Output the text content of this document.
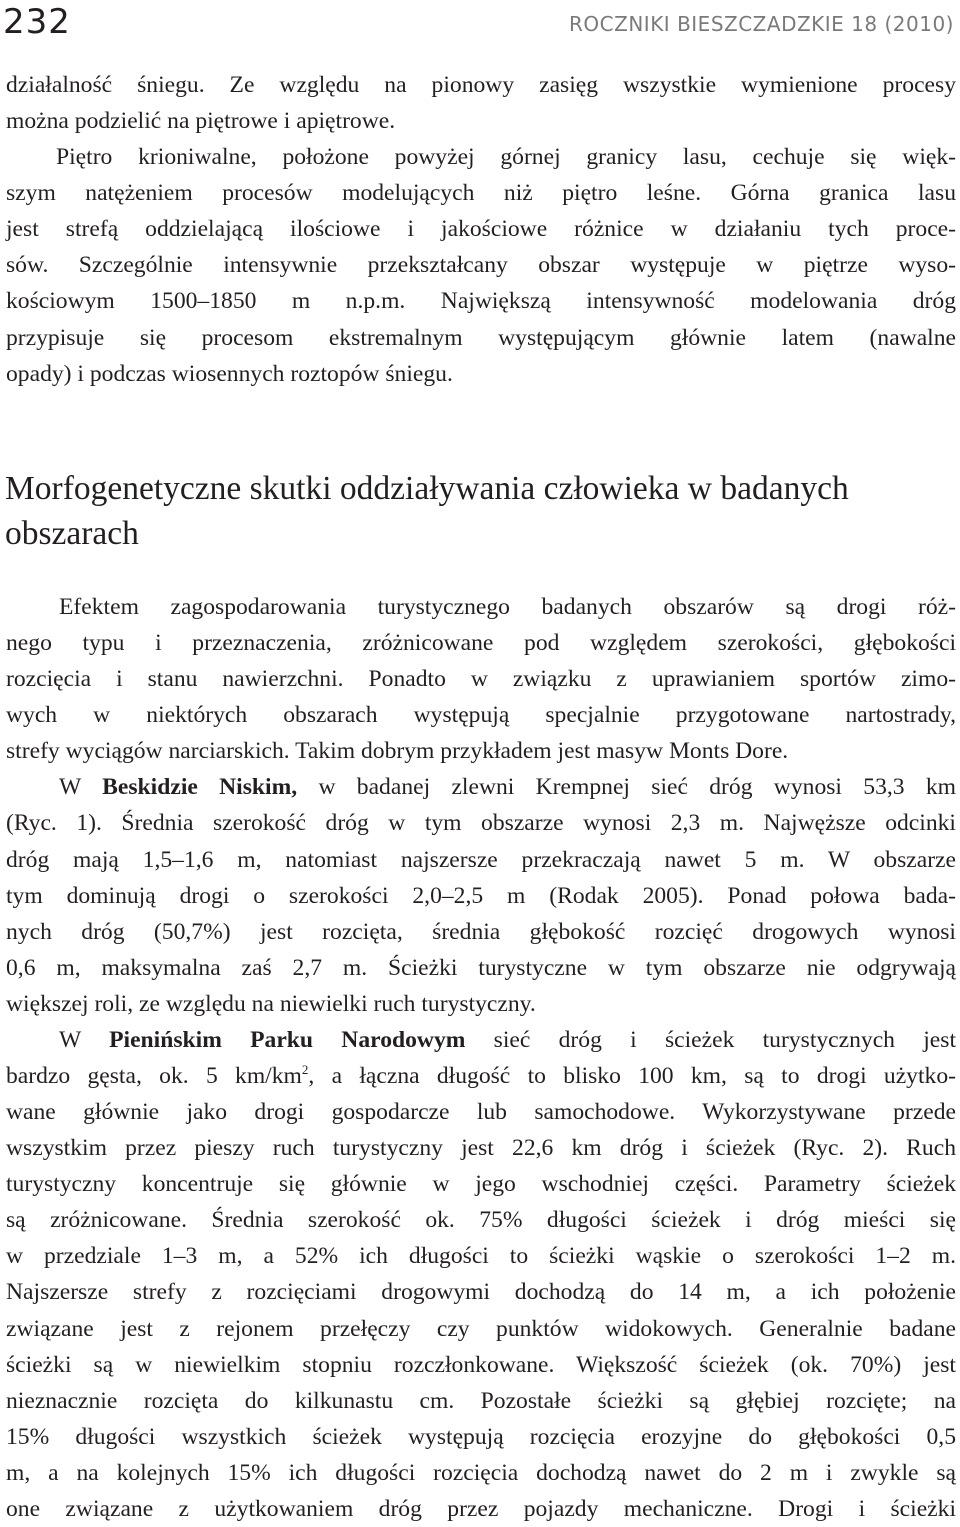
232	ROCZNIKI BIESZCZADZKIE 18 (2010)
działalność śniegu. Ze względu na pionowy zasięg wszystkie wymienione procesy
można podzielić na piętrowe i apiętrowe.
Piętro krioniwalne, położone powyżej górnej granicy lasu, cechuje się więk-
szym natężeniem procesów modelujących niż piętro leśne. Górna granica lasu
jest strefą oddzielającą ilościowe i jakościowe różnice w działaniu tych proce-
sów. Szczególnie intensywnie przekształcany obszar występuje w piętrze wyso-
kościowym 1500–1850 m n.p.m. Największą intensywność modelowania dróg
przypisuje się procesom ekstremalnym występującym głównie latem (nawalne
opady) i podczas wiosennych roztopów śniegu.
Morfogenetyczne skutki oddziaływania człowieka w badanych
obszarach
Efektem zagospodarowania turystycznego badanych obszarów są drogi róż-
nego typu i przeznaczenia, zróżnicowane pod względem szerokości, głębokości
rozcięcia i stanu nawierzchni. Ponadto w związku z uprawianiem sportów zimo-
wych w niektórych obszarach występują specjalnie przygotowane nartostrady,
strefy wyciągów narciarskich. Takim dobrym przykładem jest masyw Monts Dore.
W Beskidzie Niskim, w badanej zlewni Krempnej sieć dróg wynosi 53,3 km
(Ryc. 1). Średnia szerokość dróg w tym obszarze wynosi 2,3 m. Najwęższe odcinki
dróg mają 1,5–1,6 m, natomiast najszersze przekraczają nawet 5 m. W obszarze
tym dominują drogi o szerokości 2,0–2,5 m (Rodak 2005). Ponad połowa bada-
nych dróg (50,7%) jest rozcięta, średnia głębokość rozcięć drogowych wynosi
0,6 m, maksymalna zaś 2,7 m. Ścieżki turystyczne w tym obszarze nie odgrywają
większej roli, ze względu na niewielki ruch turystyczny.
W Pienińskim Parku Narodowym sieć dróg i ścieżek turystycznych jest
bardzo gęsta, ok. 5 $km/km^2$, a łączna długość to blisko 100 km, są to drogi użytko-
wane głównie jako drogi gospodarcze lub samochodowe. Wykorzystywane przede
wszystkim przez pieszy ruch turystyczny jest 22,6 km dróg i ścieżek (Ryc. 2). Ruch
turystyczny koncentruje się głównie w jego wschodniej części. Parametry ścieżek
są zróżnicowane. Średnia szerokość ok. 75% długości ścieżek i dróg mieści się
w przedziale 1–3 m, a 52% ich długości to ścieżki wąskie o szerokości 1–2 m.
Najszersze strefy z rozcięciami drogowymi dochodzą do 14 m, a ich położenie
związane jest z rejonem przełęczy czy punktów widokowych. Generalnie badane
ścieżki są w niewielkim stopniu rozczłonkowane. Większość ścieżek (ok. 70%) jest
nieznacznie rozcięta do kilkunastu cm. Pozostałe ścieżki są głębiej rozcięte; na
15% długości wszystkich ścieżek występują rozcięcia erozyjne do głębokości 0,5
m, a na kolejnych 15% ich długości rozcięcia dochodzą nawet do 2 m i zwykle są
one związane z użytkowaniem dróg przez pojazdy mechaniczne. Drogi i ścieżki
